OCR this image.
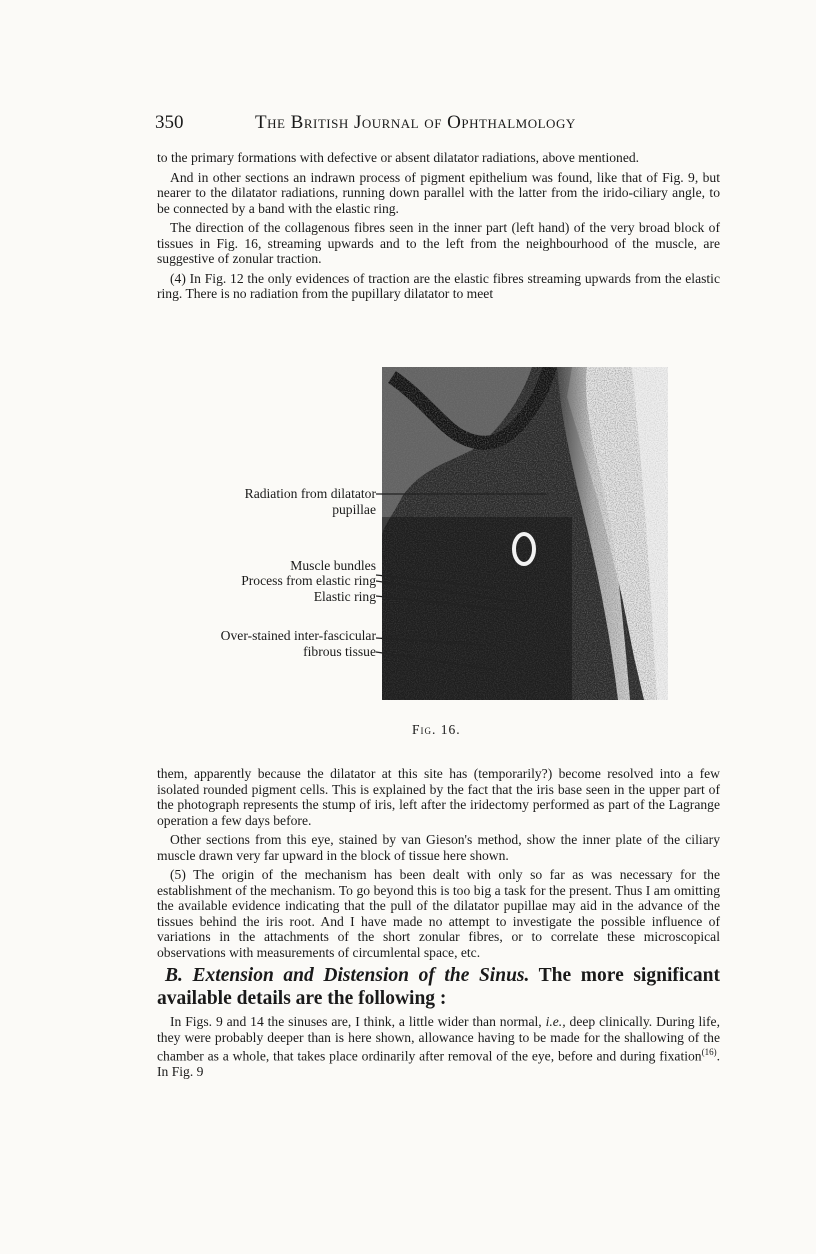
350	The British Journal of Ophthalmology

to the primary formations with defective or absent dilatator radiations, above mentioned.

And in other sections an indrawn process of pigment epithelium was found, like that of Fig. 9, but nearer to the dilatator radiations, running down parallel with the latter from the irido-ciliary angle, to be connected by a band with the elastic ring.

The direction of the collagenous fibres seen in the inner part (left hand) of the very broad block of tissues in Fig. 16, streaming upwards and to the left from the neighbourhood of the muscle, are suggestive of zonular traction.

(4) In Fig. 12 the only evidences of traction are the elastic fibres streaming upwards from the elastic ring. There is no radiation from the pupillary dilatator to meet

Radiation from dilatator
pupillae
Muscle bundles
Process from elastic ring
Elastic ring
Over-stained inter-fascicular
fibrous tissue
Fig. 16.

them, apparently because the dilatator at this site has (temporarily?) become resolved into a few isolated rounded pigment cells. This is explained by the fact that the iris base seen in the upper part of the photograph represents the stump of iris, left after the iridectomy performed as part of the Lagrange operation a few days before.

Other sections from this eye, stained by van Gieson's method, show the inner plate of the ciliary muscle drawn very far upward in the block of tissue here shown.

(5) The origin of the mechanism has been dealt with only so far as was necessary for the establishment of the mechanism. To go beyond this is too big a task for the present. Thus I am omitting the available evidence indicating that the pull of the dilatator pupillae may aid in the advance of the tissues behind the iris root. And I have made no attempt to investigate the possible influence of variations in the attachments of the short zonular fibres, or to correlate these microscopical observations with measurements of circumlental space, etc.

B. Extension and Distension of the Sinus. The more significant available details are the following :

In Figs. 9 and 14 the sinuses are, I think, a little wider than normal, i.e., deep clinically. During life, they were probably deeper than is here shown, allowance having to be made for the shallowing of the chamber as a whole, that takes place ordinarily after removal of the eye, before and during fixation$^{(16)}$. In Fig. 9
